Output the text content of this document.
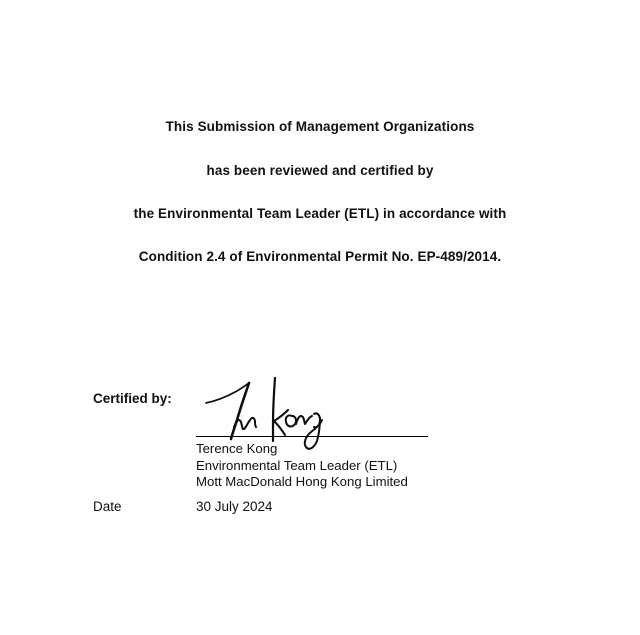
This Submission of Management Organizations
has been reviewed and certified by
the Environmental Team Leader (ETL) in accordance with
Condition 2.4 of Environmental Permit No. EP-489/2014.
Certified by:
Terence Kong
Environmental Team Leader (ETL)
Mott MacDonald Hong Kong Limited
Date	30 July 2024
